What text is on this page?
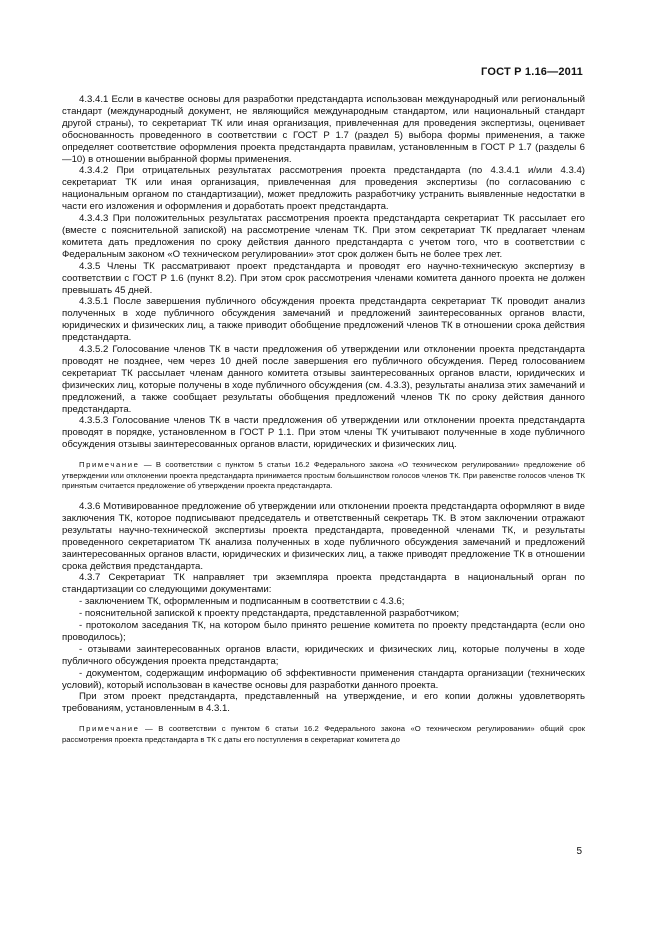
ГОСТ Р 1.16—2011

4.3.4.1 Если в качестве основы для разработки предстандарта использован международный или региональный стандарт (международный документ, не являющийся международным стандартом, или национальный стандарт другой страны), то секретариат ТК или иная организация, привлеченная для проведения экспертизы, оценивает обоснованность проведенного в соответствии с ГОСТ Р 1.7 (раздел 5) выбора формы применения, а также определяет соответствие оформления проекта предстандарта правилам, установленным в ГОСТ Р 1.7 (разделы 6—10) в отношении выбранной формы применения.

4.3.4.2 При отрицательных результатах рассмотрения проекта предстандарта (по 4.3.4.1 и/или 4.3.4) секретариат ТК или иная организация, привлеченная для проведения экспертизы (по согласованию с национальным органом по стандартизации), может предложить разработчику устранить выявленные недостатки в части его изложения и оформления и доработать проект предстандарта.

4.3.4.3 При положительных результатах рассмотрения проекта предстандарта секретариат ТК рассылает его (вместе с пояснительной запиской) на рассмотрение членам ТК. При этом секретариат ТК предлагает членам комитета дать предложения по сроку действия данного предстандарта с учетом того, что в соответствии с Федеральным законом «О техническом регулировании» этот срок должен быть не более трех лет.

4.3.5 Члены ТК рассматривают проект предстандарта и проводят его научно-техническую экспертизу в соответствии с ГОСТ Р 1.6 (пункт 8.2). При этом срок рассмотрения членами комитета данного проекта не должен превышать 45 дней.

4.3.5.1 После завершения публичного обсуждения проекта предстандарта секретариат ТК проводит анализ полученных в ходе публичного обсуждения замечаний и предложений заинтересованных органов власти, юридических и физических лиц, а также приводит обобщение предложений членов ТК в отношении срока действия предстандарта.

4.3.5.2 Голосование членов ТК в части предложения об утверждении или отклонении проекта предстандарта проводят не позднее, чем через 10 дней после завершения его публичного обсуждения. Перед голосованием секретариат ТК рассылает членам данного комитета отзывы заинтересованных органов власти, юридических и физических лиц, которые получены в ходе публичного обсуждения (см. 4.3.3), результаты анализа этих замечаний и предложений, а также сообщает результаты обобщения предложений членов ТК по сроку действия данного предстандарта.

4.3.5.3 Голосование членов ТК в части предложения об утверждении или отклонении проекта предстандарта проводят в порядке, установленном в ГОСТ Р 1.1. При этом члены ТК учитывают полученные в ходе публичного обсуждения отзывы заинтересованных органов власти, юридических и физических лиц.

Примечание — В соответствии с пунктом 5 статьи 16.2 Федерального закона «О техническом регулировании» предложение об утверждении или отклонении проекта предстандарта принимается простым большинством голосов членов ТК. При равенстве голосов членов ТК принятым считается предложение об утверждении проекта предстандарта.

4.3.6 Мотивированное предложение об утверждении или отклонении проекта предстандарта оформляют в виде заключения ТК, которое подписывают председатель и ответственный секретарь ТК. В этом заключении отражают результаты научно-технической экспертизы проекта предстандарта, проведенной членами ТК, и результаты проведенного секретариатом ТК анализа полученных в ходе публичного обсуждения замечаний и предложений заинтересованных органов власти, юридических и физических лиц, а также приводят предложение ТК в отношении срока действия предстандарта.

4.3.7 Секретариат ТК направляет три экземпляра проекта предстандарта в национальный орган по стандартизации со следующими документами:

- заключением ТК, оформленным и подписанным в соответствии с 4.3.6;

- пояснительной запиской к проекту предстандарта, представленной разработчиком;

- протоколом заседания ТК, на котором было принято решение комитета по проекту предстандарта (если оно проводилось);

- отзывами заинтересованных органов власти, юридических и физических лиц, которые получены в ходе публичного обсуждения проекта предстандарта;

- документом, содержащим информацию об эффективности применения стандарта организации (технических условий), который использован в качестве основы для разработки данного проекта.

При этом проект предстандарта, представленный на утверждение, и его копии должны удовлетворять требованиям, установленным в 4.3.1.

Примечание — В соответствии с пунктом 6 статьи 16.2 Федерального закона «О техническом регулировании» общий срок рассмотрения проекта предстандарта в ТК с даты его поступления в секретариат комитета до

5
